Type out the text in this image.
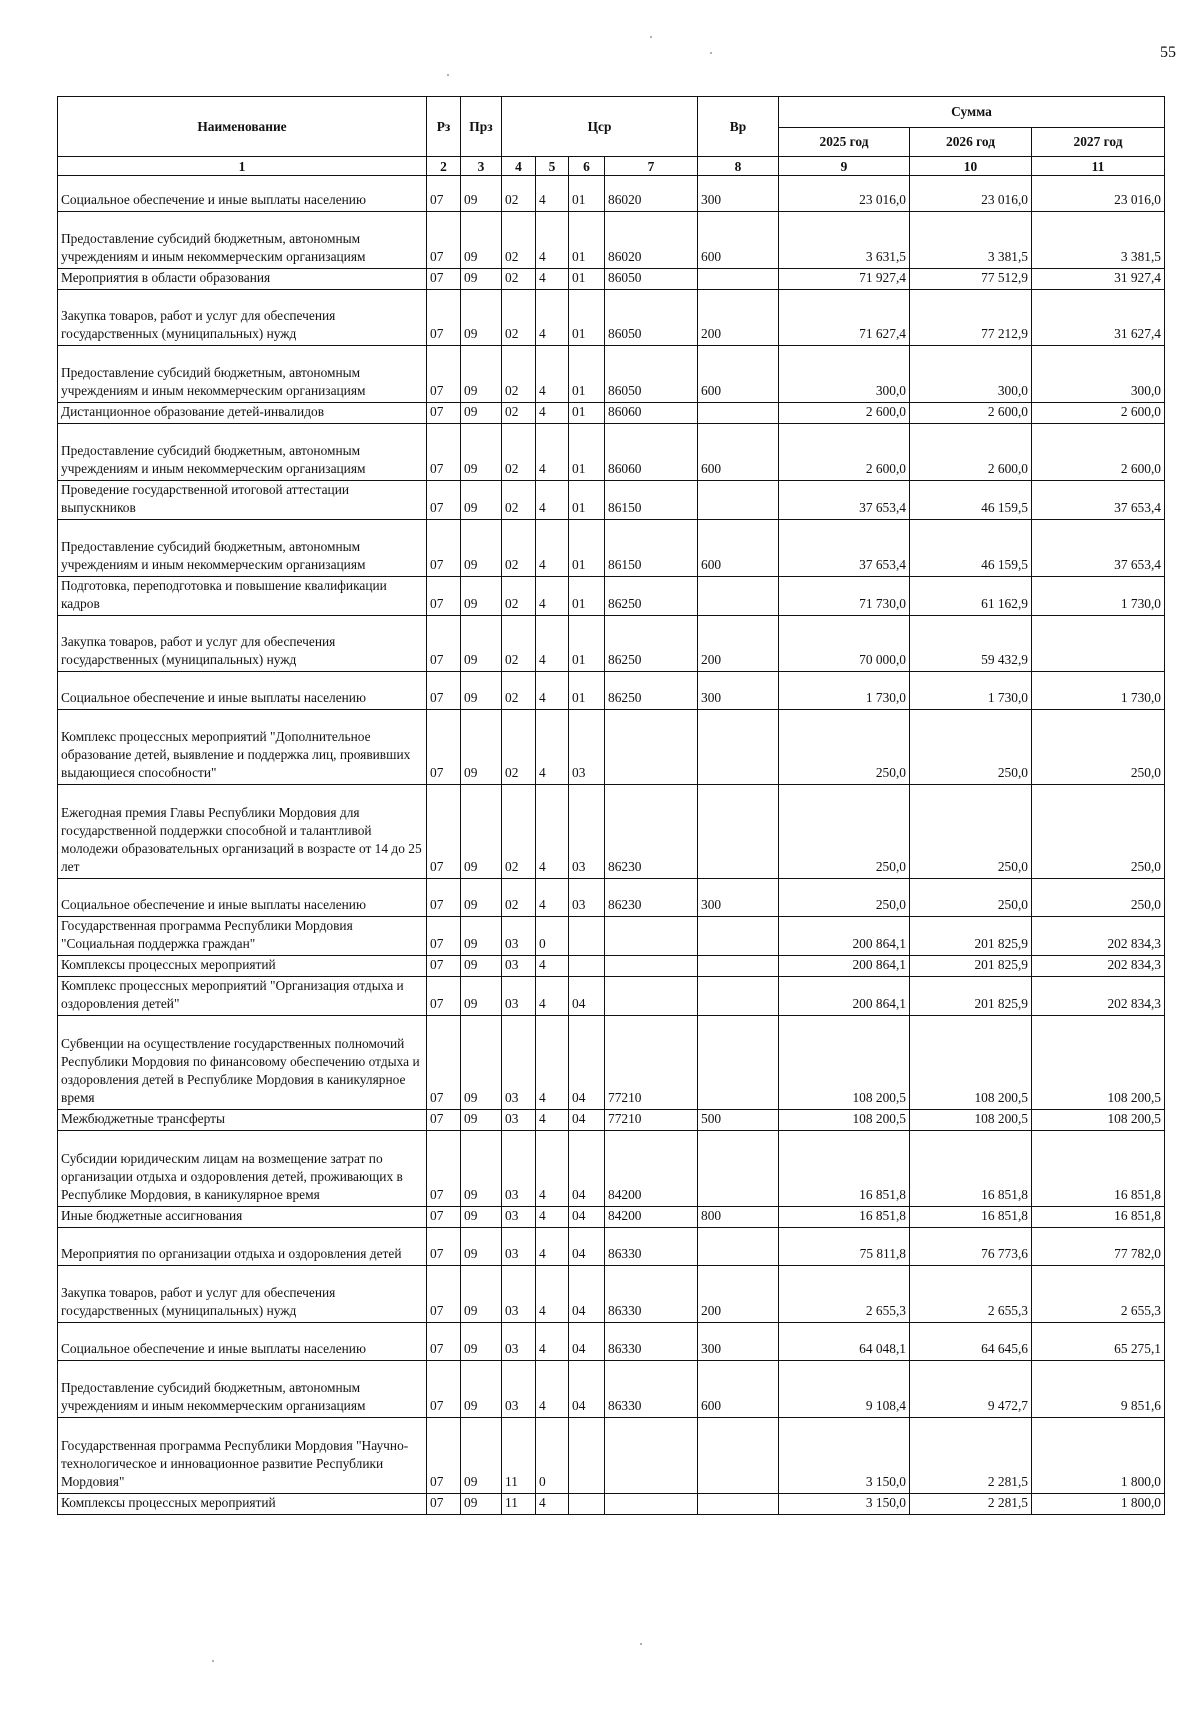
55
Наименование	Рз	Прз	Цср				Вр	Сумма		
								2025 год	2026 год	2027 год
1	2	3	4	5	6	7	8	9	10	11
Социальное обеспечение и иные выплаты населению	07	09	02	4	01	86020	300	23 016,0	23 016,0	23 016,0
Предоставление субсидий бюджетным, автономным учреждениям и иным некоммерческим организациям	07	09	02	4	01	86020	600	3 631,5	3 381,5	3 381,5
Мероприятия в области образования	07	09	02	4	01	86050		71 927,4	77 512,9	31 927,4
Закупка товаров, работ и услуг для обеспечения государственных (муниципальных) нужд	07	09	02	4	01	86050	200	71 627,4	77 212,9	31 627,4
Предоставление субсидий бюджетным, автономным учреждениям и иным некоммерческим организациям	07	09	02	4	01	86050	600	300,0	300,0	300,0
Дистанционное образование детей-инвалидов	07	09	02	4	01	86060		2 600,0	2 600,0	2 600,0
Предоставление субсидий бюджетным, автономным учреждениям и иным некоммерческим организациям	07	09	02	4	01	86060	600	2 600,0	2 600,0	2 600,0
Проведение государственной итоговой аттестации выпускников	07	09	02	4	01	86150		37 653,4	46 159,5	37 653,4
Предоставление субсидий бюджетным, автономным учреждениям и иным некоммерческим организациям	07	09	02	4	01	86150	600	37 653,4	46 159,5	37 653,4
Подготовка, переподготовка и повышение квалификации кадров	07	09	02	4	01	86250		71 730,0	61 162,9	1 730,0
Закупка товаров, работ и услуг для обеспечения государственных (муниципальных) нужд	07	09	02	4	01	86250	200	70 000,0	59 432,9	
Социальное обеспечение и иные выплаты населению	07	09	02	4	01	86250	300	1 730,0	1 730,0	1 730,0
Комплекс процессных мероприятий "Дополнительное образование детей, выявление и поддержка лиц, проявивших выдающиеся способности"	07	09	02	4	03			250,0	250,0	250,0
Ежегодная премия Главы Республики Мордовия для государственной поддержки способной и талантливой молодежи образовательных организаций в возрасте от 14 до 25 лет	07	09	02	4	03	86230		250,0	250,0	250,0
Социальное обеспечение и иные выплаты населению	07	09	02	4	03	86230	300	250,0	250,0	250,0
Государственная программа Республики Мордовия "Социальная поддержка граждан"	07	09	03	0				200 864,1	201 825,9	202 834,3
Комплексы процессных мероприятий	07	09	03	4				200 864,1	201 825,9	202 834,3
Комплекс процессных мероприятий "Организация отдыха и оздоровления детей"	07	09	03	4	04			200 864,1	201 825,9	202 834,3
Субвенции на осуществление государственных полномочий Республики Мордовия по финансовому обеспечению отдыха и оздоровления детей в Республике Мордовия в каникулярное время	07	09	03	4	04	77210		108 200,5	108 200,5	108 200,5
Межбюджетные трансферты	07	09	03	4	04	77210	500	108 200,5	108 200,5	108 200,5
Субсидии юридическим лицам на возмещение затрат по организации отдыха и оздоровления детей, проживающих в Республике Мордовия, в каникулярное время	07	09	03	4	04	84200		16 851,8	16 851,8	16 851,8
Иные бюджетные ассигнования	07	09	03	4	04	84200	800	16 851,8	16 851,8	16 851,8
Мероприятия по организации отдыха и оздоровления детей	07	09	03	4	04	86330		75 811,8	76 773,6	77 782,0
Закупка товаров, работ и услуг для обеспечения государственных (муниципальных) нужд	07	09	03	4	04	86330	200	2 655,3	2 655,3	2 655,3
Социальное обеспечение и иные выплаты населению	07	09	03	4	04	86330	300	64 048,1	64 645,6	65 275,1
Предоставление субсидий бюджетным, автономным учреждениям и иным некоммерческим организациям	07	09	03	4	04	86330	600	9 108,4	9 472,7	9 851,6
Государственная программа Республики Мордовия "Научно-технологическое и инновационное развитие Республики Мордовия"	07	09	11	0				3 150,0	2 281,5	1 800,0
Комплексы процессных мероприятий	07	09	11	4				3 150,0	2 281,5	1 800,0
